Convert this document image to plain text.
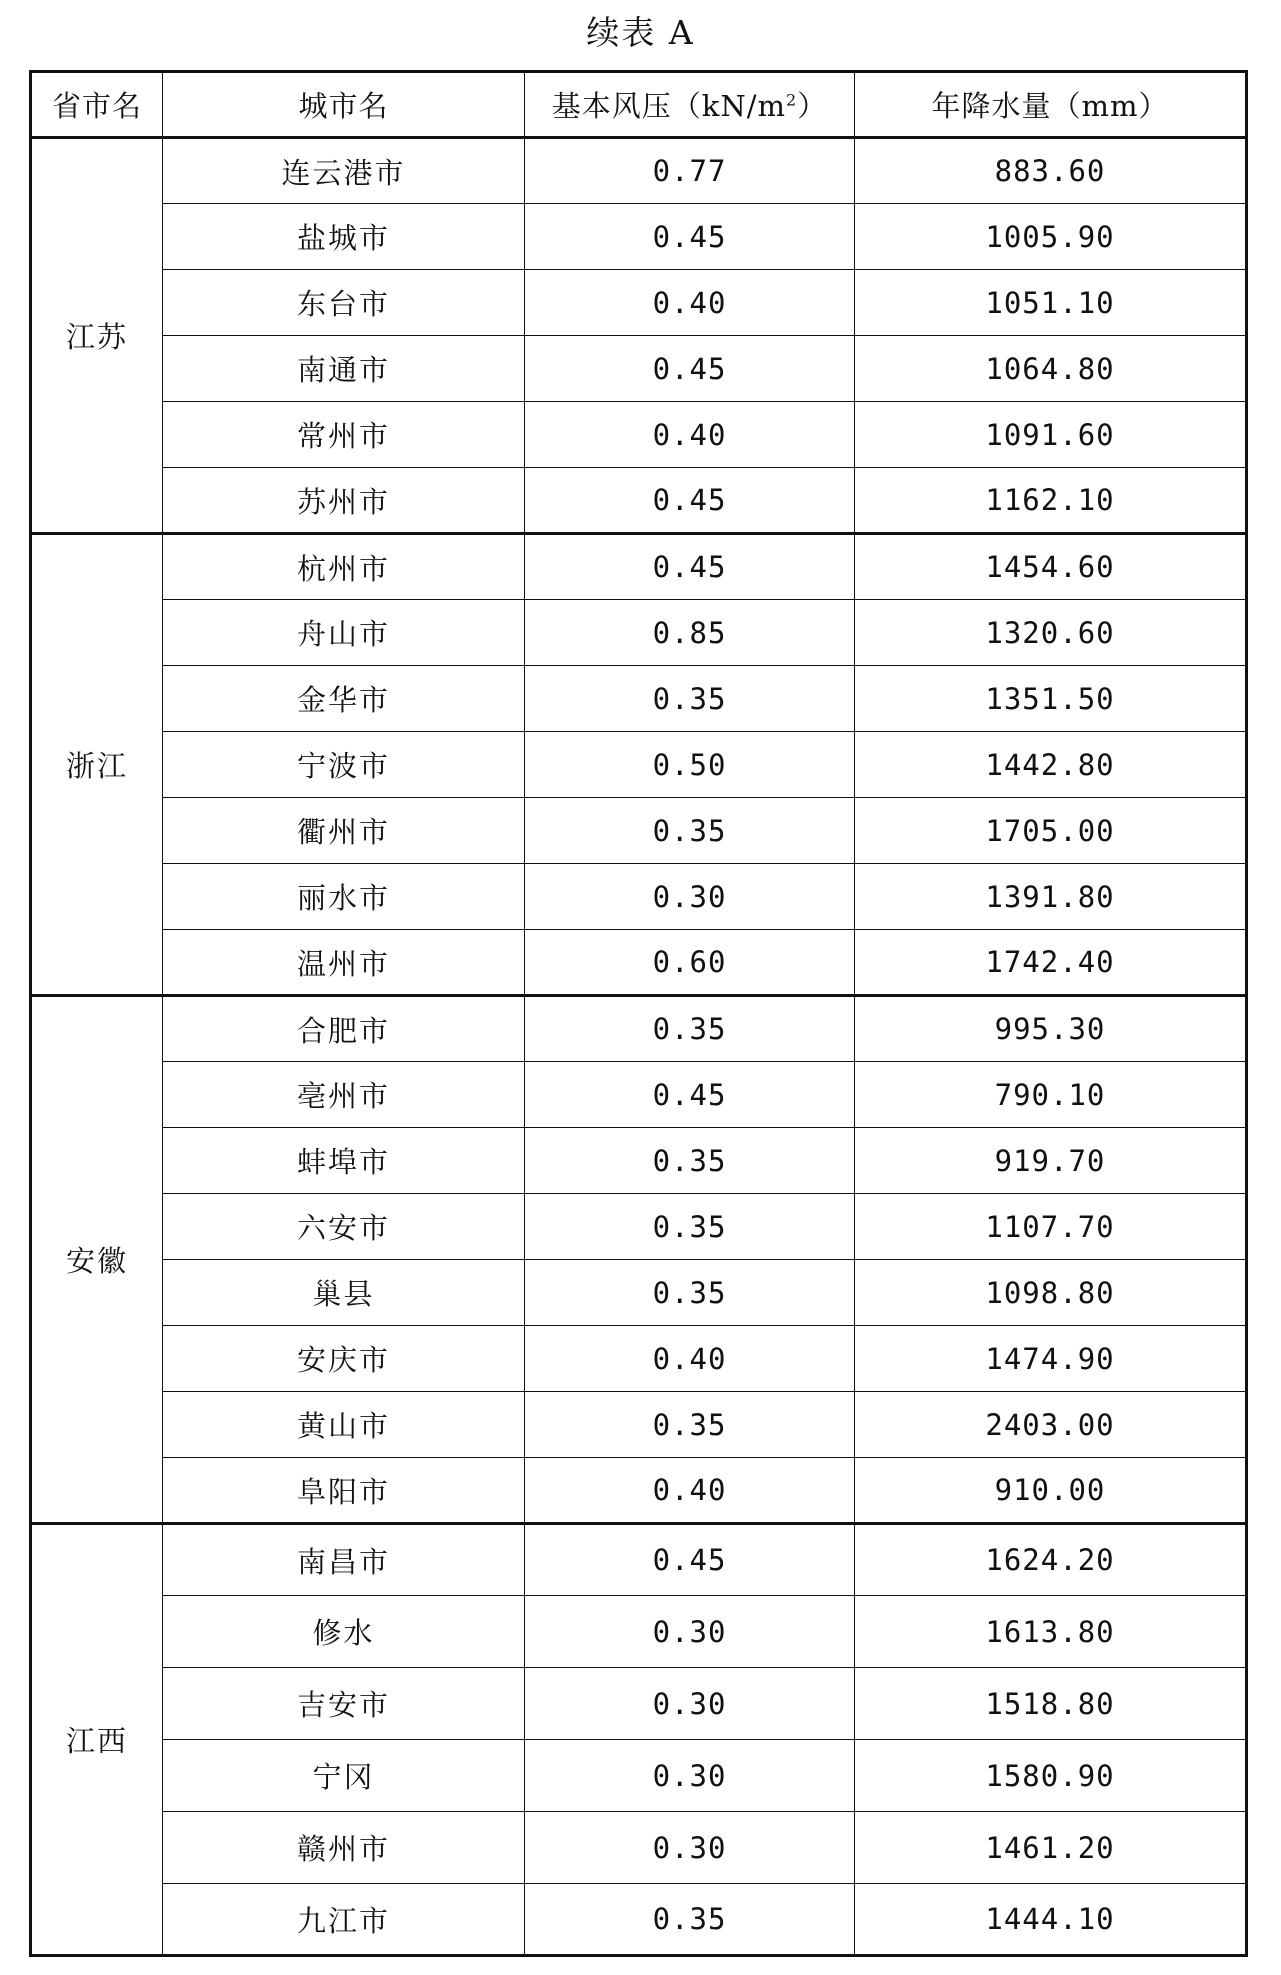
续表 A
省市名	城市名	基本风压$(kN/m^2)$	年降水量（mm）
江苏	连云港市	0.77	883.60
	盐城市	0.45	1005.90
	东台市	0.40	1051.10
	南通市	0.45	1064.80
	常州市	0.40	1091.60
	苏州市	0.45	1162.10
浙江	杭州市	0.45	1454.60
	舟山市	0.85	1320.60
	金华市	0.35	1351.50
	宁波市	0.50	1442.80
	衢州市	0.35	1705.00
	丽水市	0.30	1391.80
	温州市	0.60	1742.40
安徽	合肥市	0.35	995.30
	亳州市	0.45	790.10
	蚌埠市	0.35	919.70
	六安市	0.35	1107.70
	巢县	0.35	1098.80
	安庆市	0.40	1474.90
	黄山市	0.35	2403.00
	阜阳市	0.40	910.00
江西	南昌市	0.45	1624.20
	修水	0.30	1613.80
	吉安市	0.30	1518.80
	宁冈	0.30	1580.90
	赣州市	0.30	1461.20
	九江市	0.35	1444.10
